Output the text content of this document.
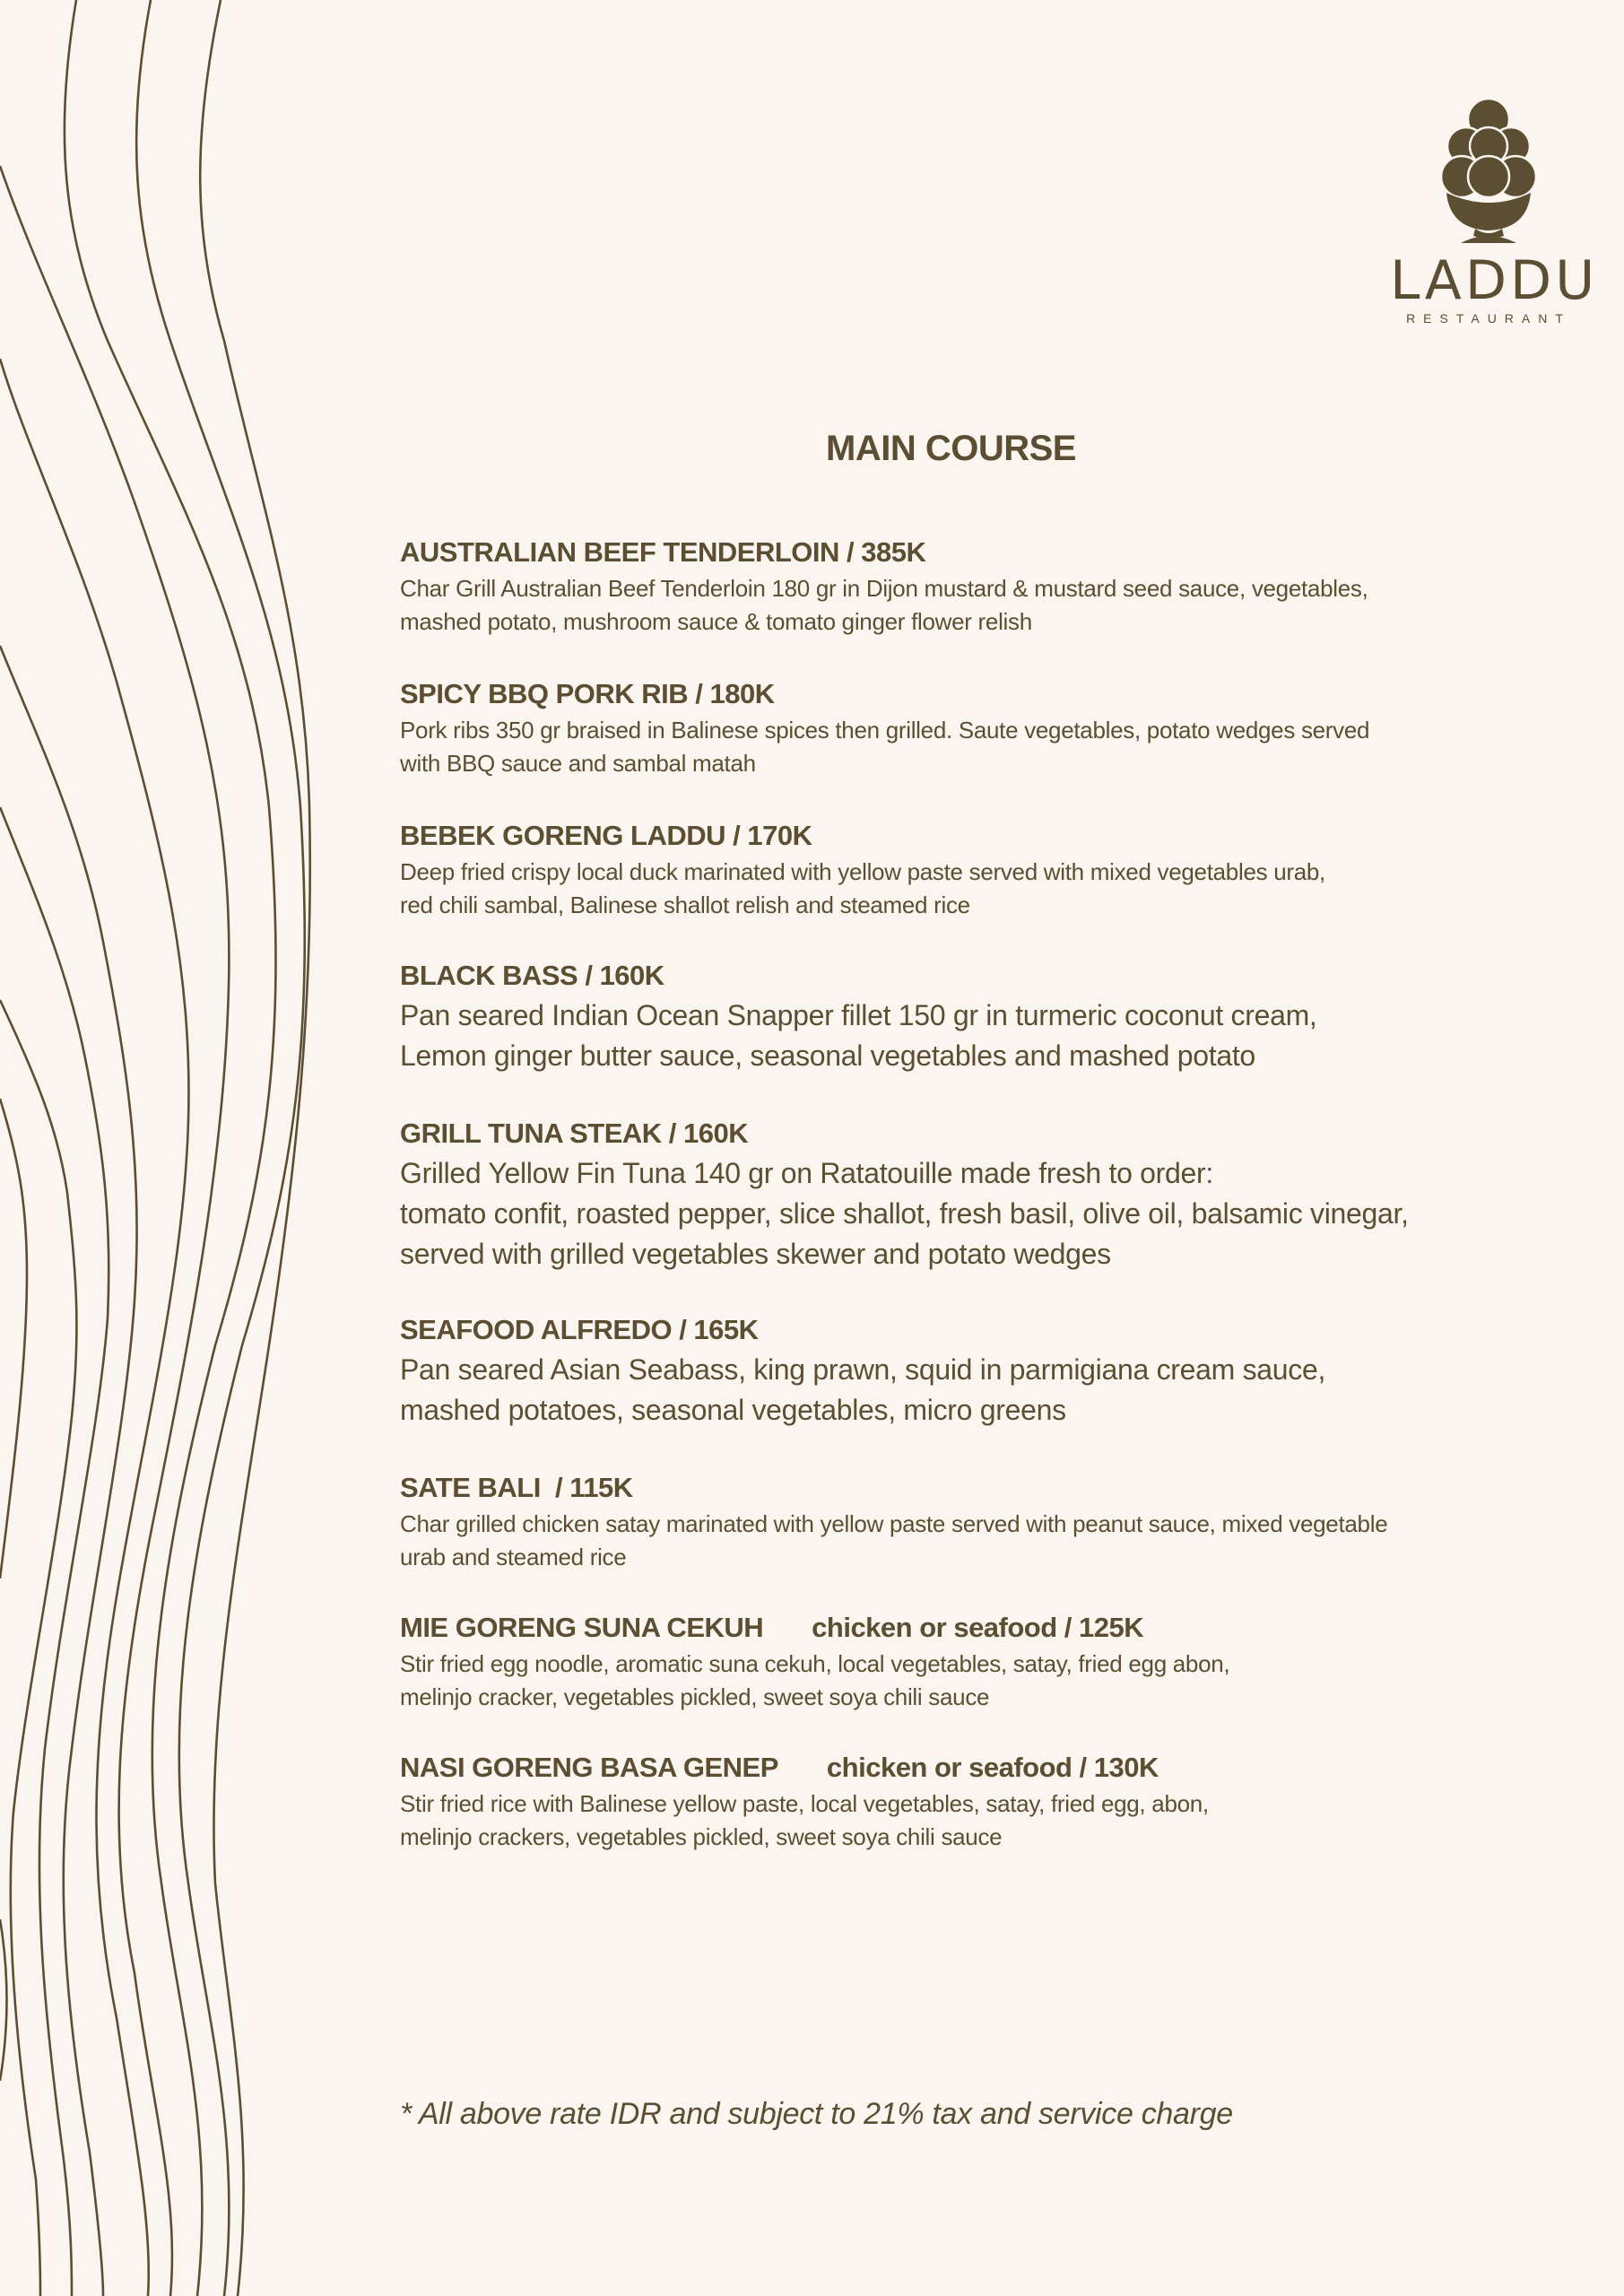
LADDU
RESTAURANT
MAIN COURSE
AUSTRALIAN BEEF TENDERLOIN / 385K
Char Grill Australian Beef Tenderloin 180 gr in Dijon mustard & mustard seed sauce, vegetables,
mashed potato, mushroom sauce & tomato ginger flower relish
SPICY BBQ PORK RIB / 180K
Pork ribs 350 gr braised in Balinese spices then grilled. Saute vegetables, potato wedges served
with BBQ sauce and sambal matah
BEBEK GORENG LADDU / 170K
Deep fried crispy local duck marinated with yellow paste served with mixed vegetables urab,
red chili sambal, Balinese shallot relish and steamed rice
BLACK BASS / 160K
Pan seared Indian Ocean Snapper fillet 150 gr in turmeric coconut cream,
Lemon ginger butter sauce, seasonal vegetables and mashed potato
GRILL TUNA STEAK / 160K
Grilled Yellow Fin Tuna 140 gr on Ratatouille made fresh to order:
tomato confit, roasted pepper, slice shallot, fresh basil, olive oil, balsamic vinegar,
served with grilled vegetables skewer and potato wedges
SEAFOOD ALFREDO / 165K
Pan seared Asian Seabass, king prawn, squid in parmigiana cream sauce,
mashed potatoes, seasonal vegetables, micro greens
SATE BALI  / 115K
Char grilled chicken satay marinated with yellow paste served with peanut sauce, mixed vegetable
urab and steamed rice
MIE GORENG SUNA CEKUH chicken or seafood / 125K
Stir fried egg noodle, aromatic suna cekuh, local vegetables, satay, fried egg abon,
melinjo cracker, vegetables pickled, sweet soya chili sauce
NASI GORENG BASA GENEP chicken or seafood / 130K
Stir fried rice with Balinese yellow paste, local vegetables, satay, fried egg, abon,
melinjo crackers, vegetables pickled, sweet soya chili sauce
* All above rate IDR and subject to 21% tax and service charge
